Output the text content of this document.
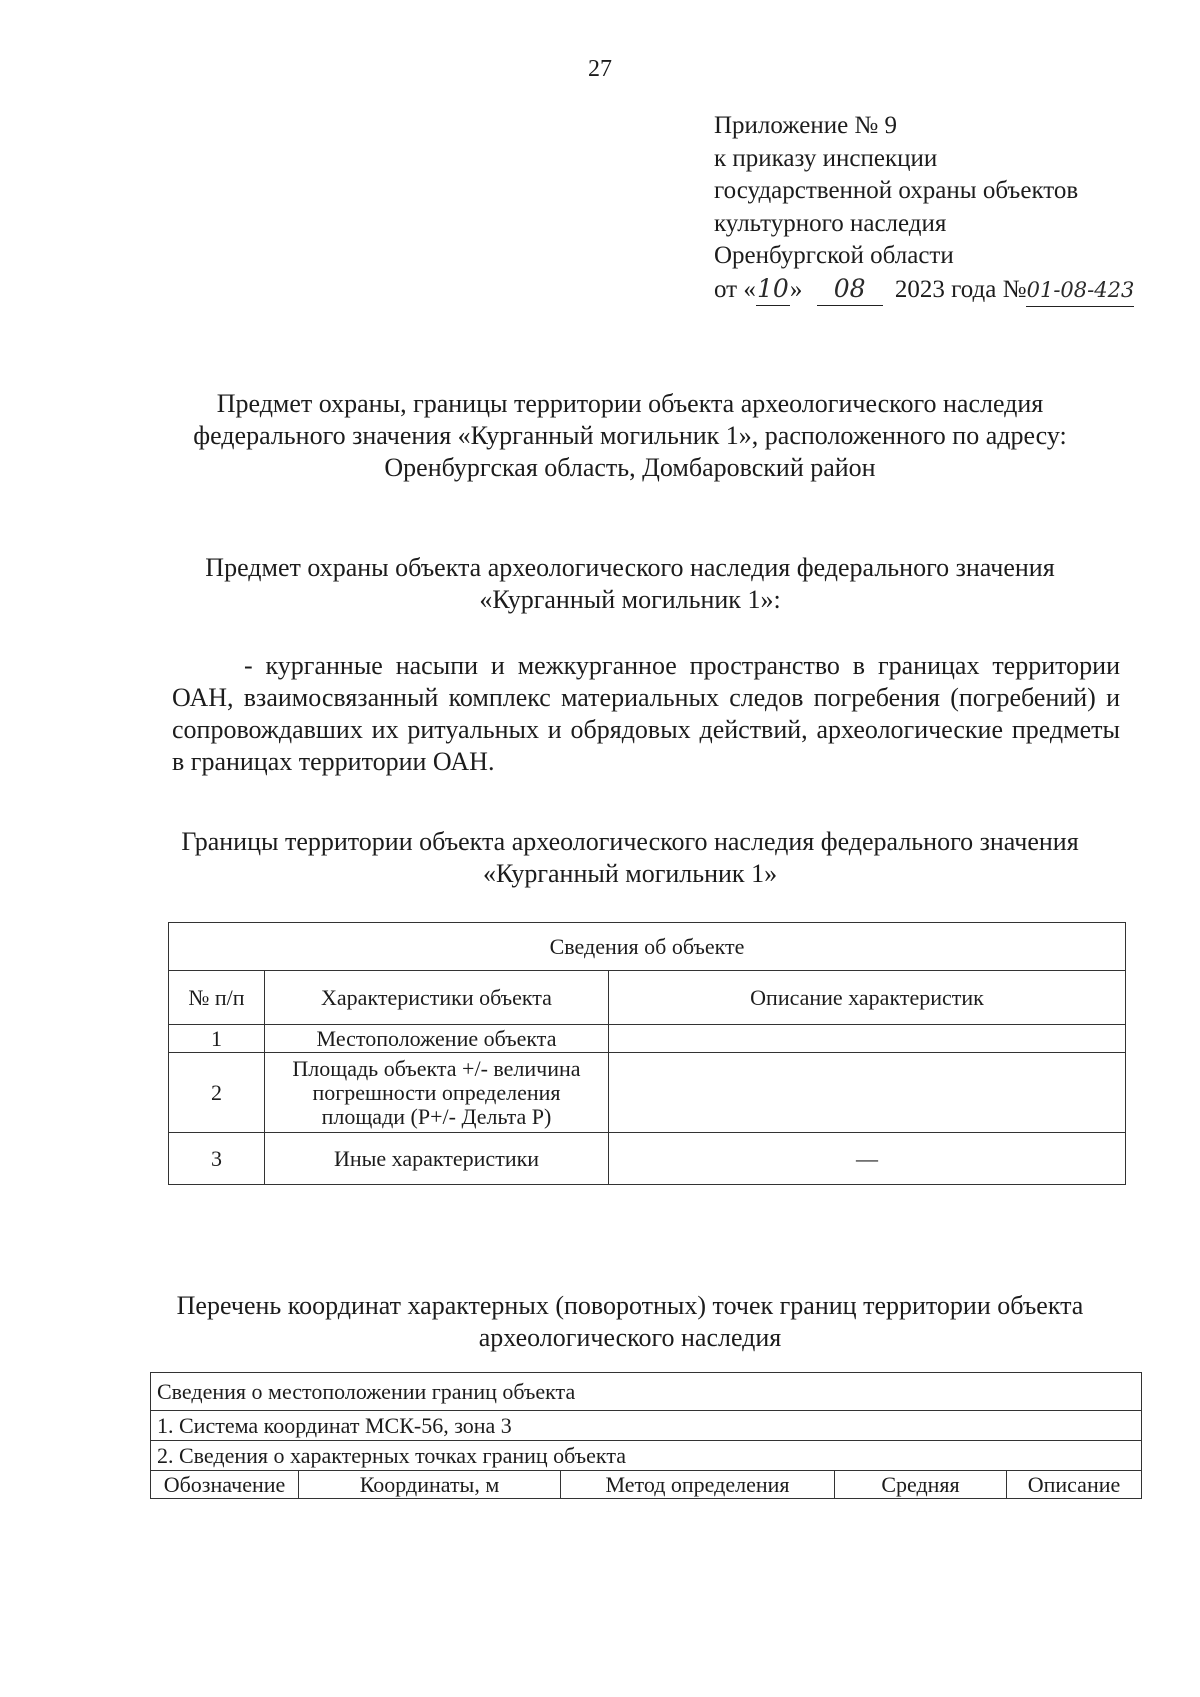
27
Приложение № 9
к приказу инспекции
государственной охраны объектов
культурного наследия
Оренбургской области
от «10» 08 2023 года №01-08-423
Предмет охраны, границы территории объекта археологического наследия федерального значения «Курганный могильник 1», расположенного по адресу: Оренбургская область, Домбаровский район
Предмет охраны объекта археологического наследия федерального значения «Курганный могильник 1»:

- курганные насыпи и межкурганное пространство в границах территории ОАН, взаимосвязанный комплекс материальных следов погребения (погребений) и сопровождавших их ритуальных и обрядовых действий, археологические предметы в границах территории ОАН.

Границы территории объекта археологического наследия федерального значения «Курганный могильник 1»
Сведения об объекте		
№ п/п	Характеристики объекта	Описание характеристик
1	Местоположение объекта	
2	Площадь объекта +/- величина погрешности определения площади (Р+/- Дельта Р)	
3	Иные характеристики	—
Перечень координат характерных (поворотных) точек границ территории объекта археологического наследия
Сведения о местоположении границ объекта
1. Система координат МСК-56, зона 3
2. Сведения о характерных точках границ объекта
Обозначение	Координаты, м	Метод определения	Средняя	Описание
